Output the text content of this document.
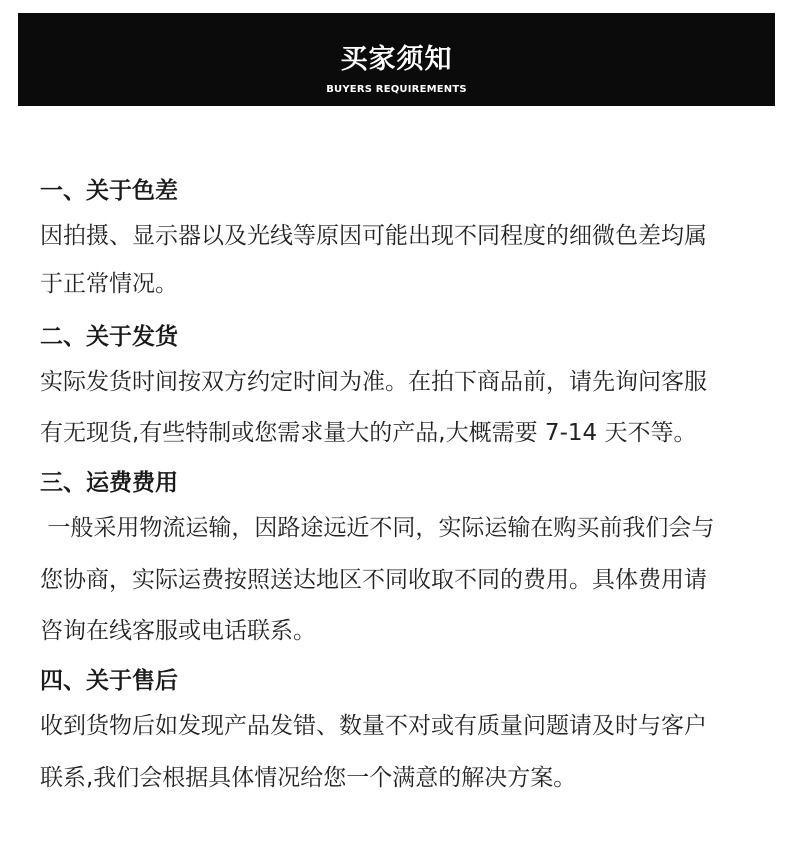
买家须知
BUYERS REQUIREMENTS

一、关于色差

因拍摄、显示器以及光线等原因可能出现不同程度的细微色差均属

于正常情况。

二、关于发货

实际发货时间按双方约定时间为准。在拍下商品前，请先询问客服

有无现货,有些特制或您需求量大的产品,大概需要 7-14 天不等。

三、运费费用

一般采用物流运输，因路途远近不同，实际运输在购买前我们会与

您协商，实际运费按照送达地区不同收取不同的费用。具体费用请

咨询在线客服或电话联系。

四、关于售后

收到货物后如发现产品发错、数量不对或有质量问题请及时与客户

联系,我们会根据具体情况给您一个满意的解决方案。
